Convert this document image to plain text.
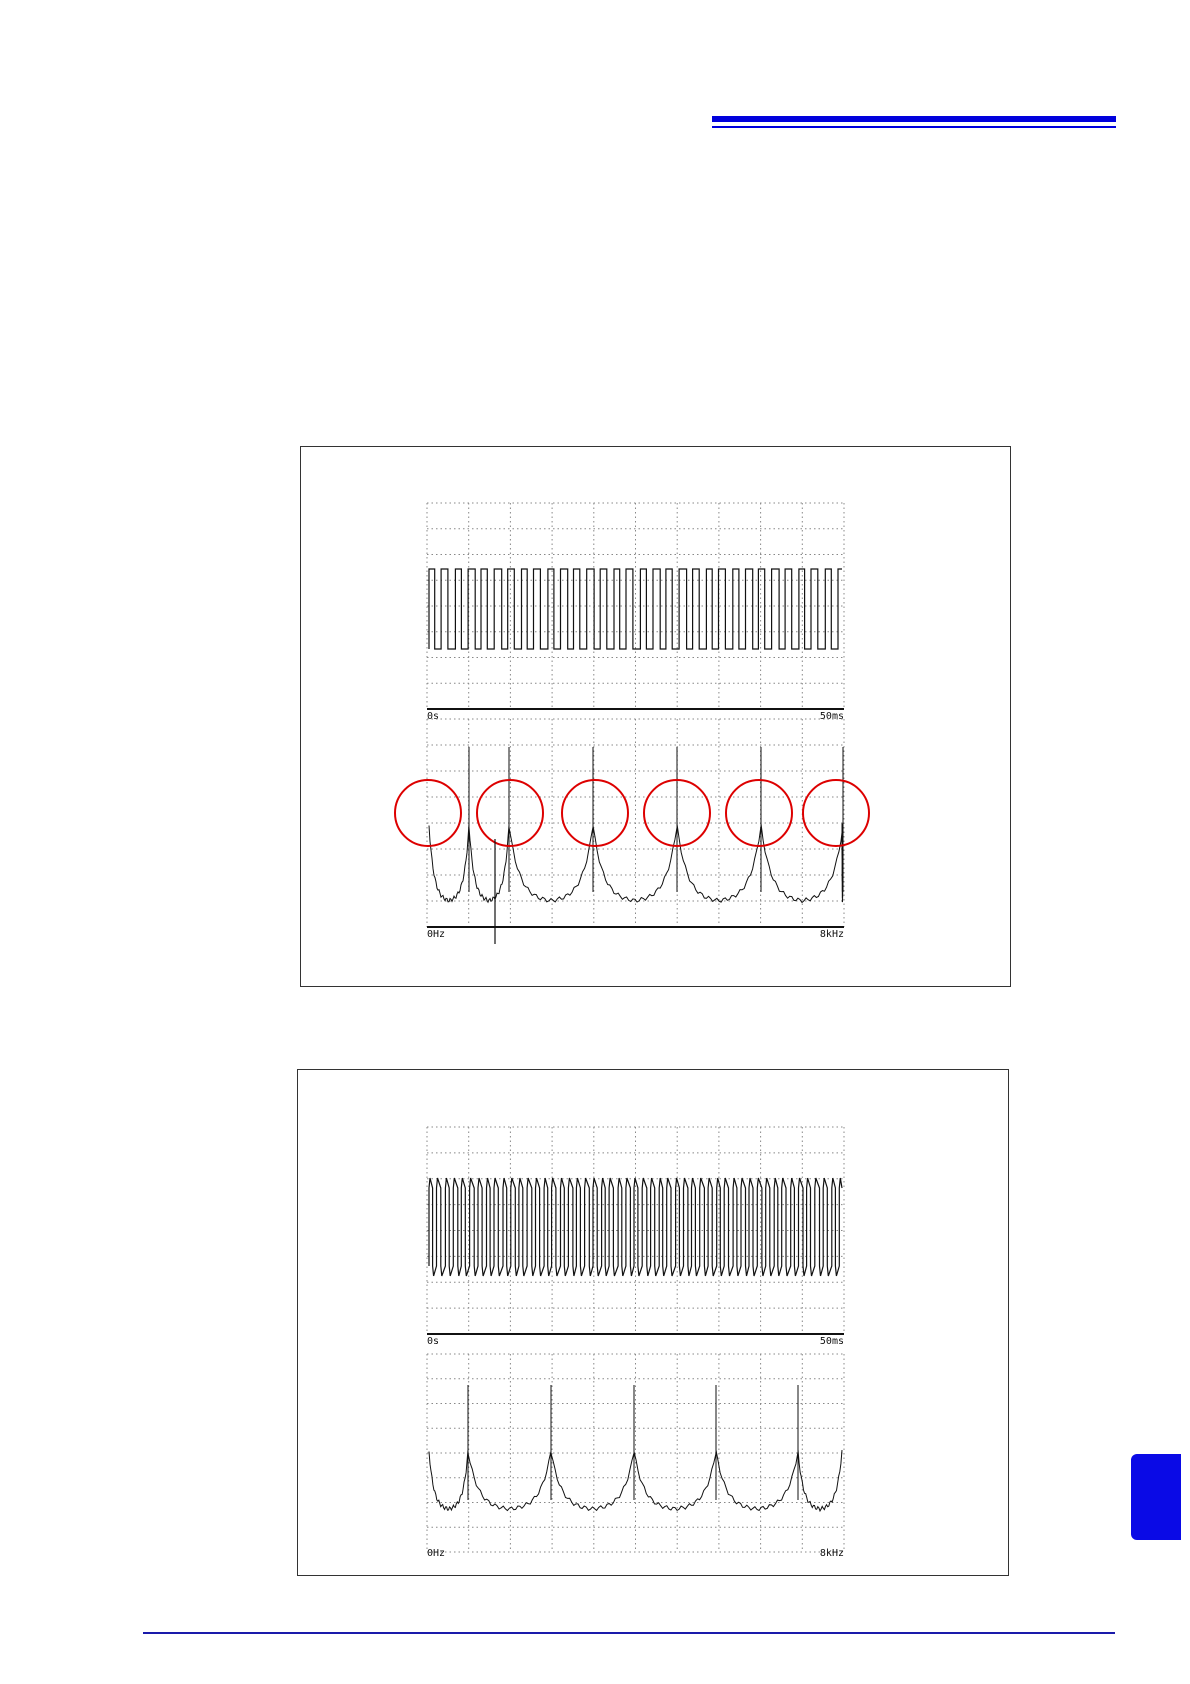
0s	50ms
0Hz	8kHz
0s	50ms
0Hz	8kHz
